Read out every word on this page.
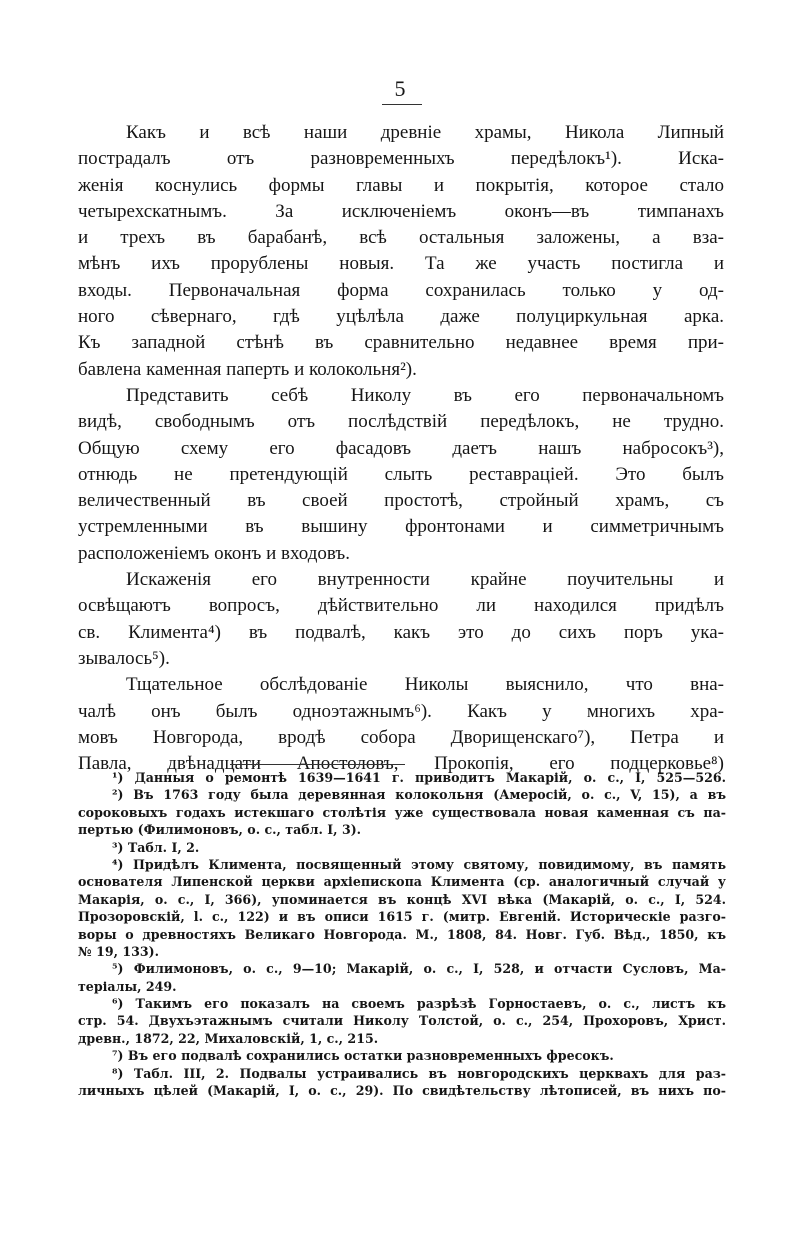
5
Какъ и всѣ наши древніе храмы, Никола Липный
пострадалъ отъ разновременныхъ передѣлокъ¹). Иска-
женія коснулись формы главы и покрытія, которое стало
четырехскатнымъ. За исключеніемъ оконъ—въ тимпанахъ
и трехъ въ барабанѣ, всѣ остальныя заложены, а вза-
мѣнъ ихъ прорублены новыя. Та же участь постигла и
входы. Первоначальная форма сохранилась только у од-
ного сѣвернаго, гдѣ уцѣлѣла даже полуциркульная арка.
Къ западной стѣнѣ въ сравнительно недавнее время при-
бавлена каменная паперть и колокольня²).
Представить себѣ Николу въ его первоначальномъ
видѣ, свободнымъ отъ послѣдствій передѣлокъ, не трудно.
Общую схему его фасадовъ даетъ нашъ набросокъ³),
отнюдь не претендующій слыть реставраціей. Это былъ
величественный въ своей простотѣ, стройный храмъ, съ
устремленными въ вышину фронтонами и симметричнымъ
расположеніемъ оконъ и входовъ.
Искаженія его внутренности крайне поучительны и
освѣщаютъ вопросъ, дѣйствительно ли находился придѣлъ
св. Климента⁴) въ подвалѣ, какъ это до сихъ поръ ука-
зывалось⁵).
Тщательное обслѣдованіе Николы выяснило, что вна-
чалѣ онъ былъ одноэтажнымъ⁶). Какъ у многихъ хра-
мовъ Новгорода, вродѣ собора Дворищенскаго⁷), Петра и
Павла, двѣнадцати Апостоловъ, Прокопія, его подцерковье⁸)
¹) Данныя о ремонтѣ 1639—1641 г. приводитъ Макарій, о. с., I, 525—526.
²) Въ 1763 году была деревянная колокольня (Амеросій, о. с., V, 15), а въ
сороковыхъ годахъ истекшаго столѣтія уже существовала новая каменная съ па-
пертью (Филимоновъ, о. с., табл. I, 3).
³) Табл. I, 2.
⁴) Придѣлъ Климента, посвященный этому святому, повидимому, въ память
основателя Липенской церкви архіепископа Климента (ср. аналогичный случай у
Макарія, о. с., I, 366), упоминается въ концѣ XVI вѣка (Макарій, о. с., I, 524.
Прозоровскій, l. с., 122) и въ описи 1615 г. (митр. Евгеній. Историческіе разго-
воры о древностяхъ Великаго Новгорода. М., 1808, 84. Новг. Губ. Вѣд., 1850, къ
№ 19, 133).
⁵) Филимоновъ, о. с., 9—10; Макарій, о. с., I, 528, и отчасти Сусловъ, Ма-
теріалы, 249.
⁶) Такимъ его показалъ на своемъ разрѣзѣ Горностаевъ, о. с., листъ къ
стр. 54. Двухъэтажнымъ считали Николу Толстой, о. с., 254, Прохоровъ, Христ.
древн., 1872, 22, Михаловскій, 1, с., 215.
⁷) Въ его подвалѣ сохранились остатки разновременныхъ фресокъ.
⁸) Табл. III, 2. Подвалы устраивались въ новгородскихъ церквахъ для раз-
личныхъ цѣлей (Макарій, I, о. с., 29). По свидѣтельству лѣтописей, въ нихъ по-
